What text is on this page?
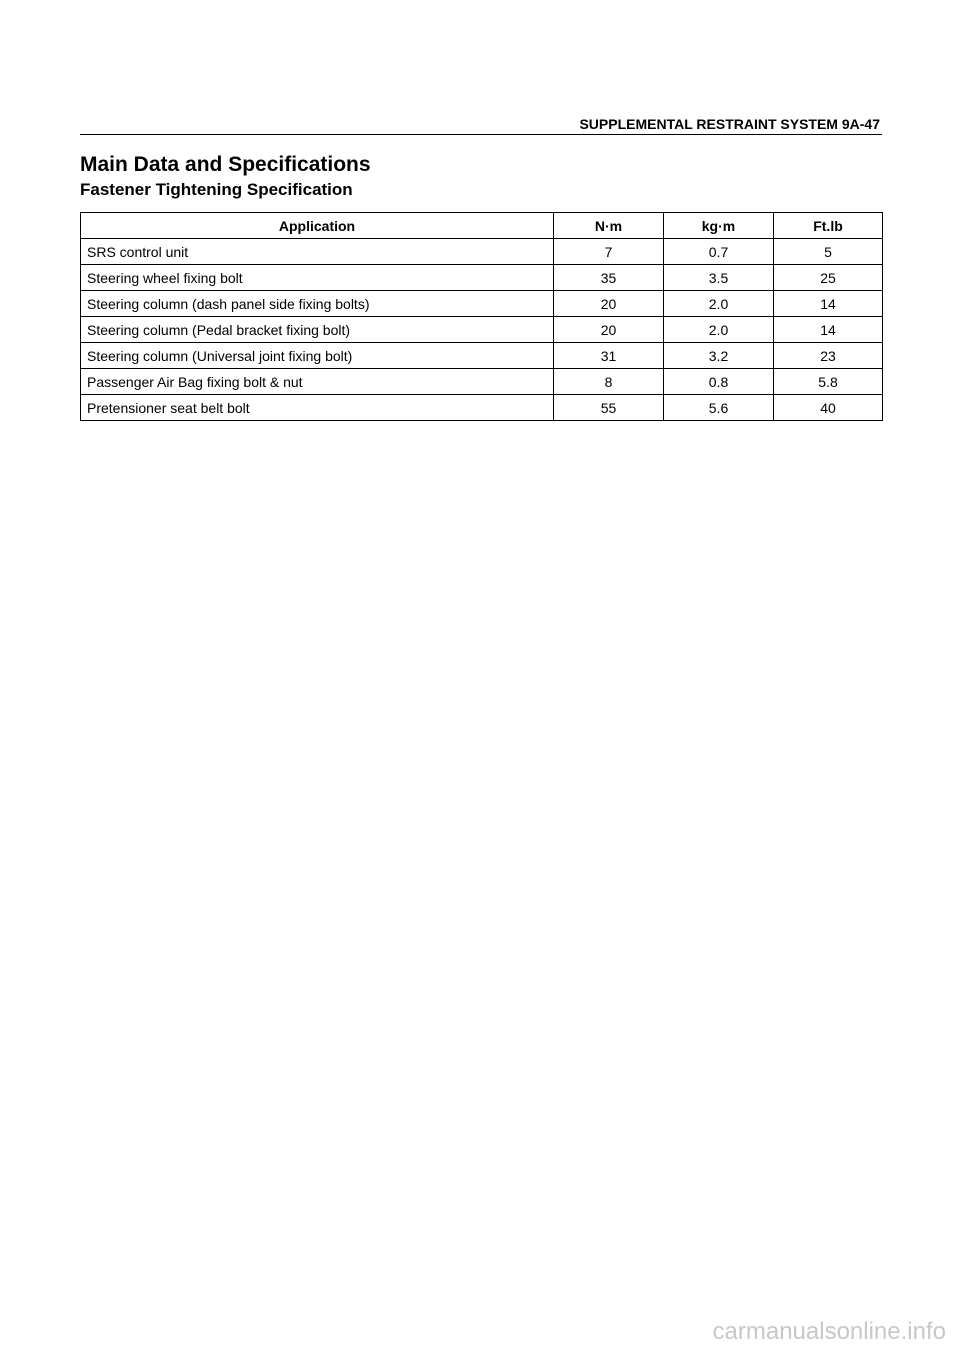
SUPPLEMENTAL RESTRAINT SYSTEM 9A-47
Main Data and Specifications
Fastener Tightening Specification
Application	N·m	kg·m	Ft.lb
SRS control unit	7	0.7	5
Steering wheel fixing bolt	35	3.5	25
Steering column (dash panel side fixing bolts)	20	2.0	14
Steering column (Pedal bracket fixing bolt)	20	2.0	14
Steering column (Universal joint fixing bolt)	31	3.2	23
Passenger Air Bag fixing bolt & nut	8	0.8	5.8
Pretensioner seat belt bolt	55	5.6	40
carmanualsonline.info
